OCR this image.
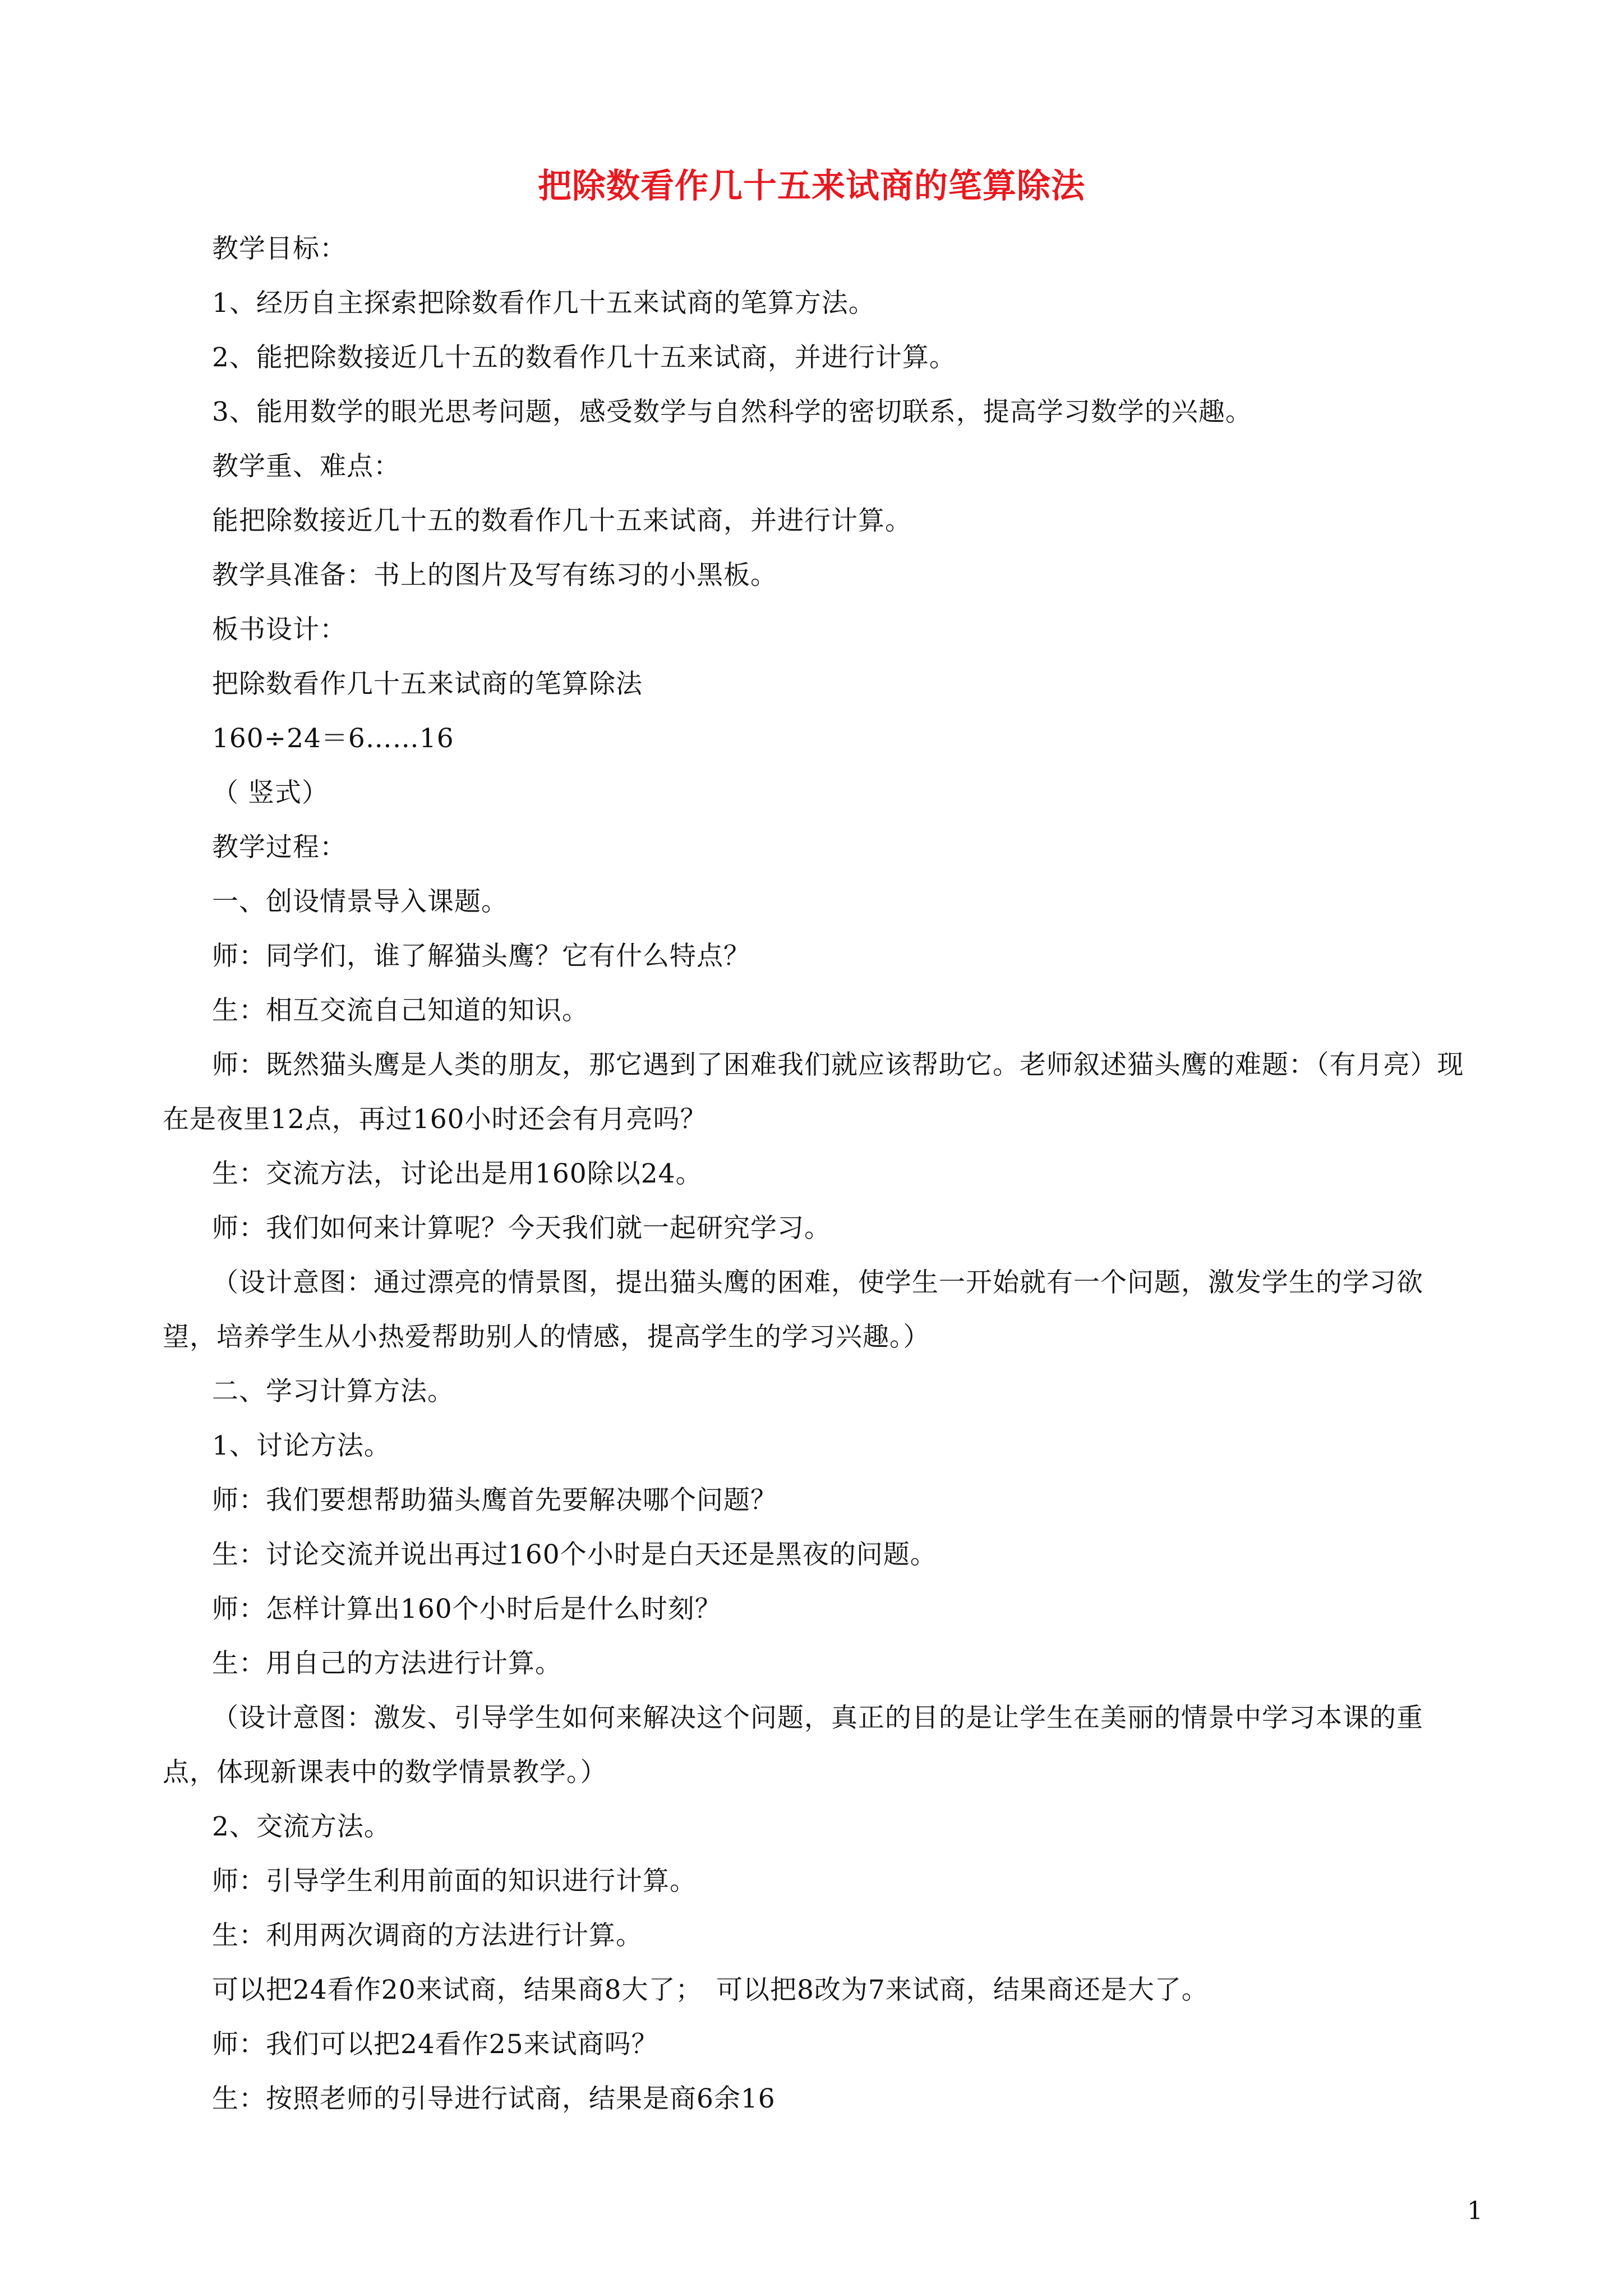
把除数看作几十五来试商的笔算除法

教学目标：

1、经历自主探索把除数看作几十五来试商的笔算方法。

2、能把除数接近几十五的数看作几十五来试商，并进行计算。

3、能用数学的眼光思考问题，感受数学与自然科学的密切联系，提高学习数学的兴趣。

教学重、难点：

能把除数接近几十五的数看作几十五来试商，并进行计算。

教学具准备：书上的图片及写有练习的小黑板。

板书设计：

把除数看作几十五来试商的笔算除法

160÷24＝6……16

（ 竖式）

教学过程：

一、创设情景导入课题。

师：同学们，谁了解猫头鹰？它有什么特点？

生：相互交流自己知道的知识。

师：既然猫头鹰是人类的朋友，那它遇到了困难我们就应该帮助它。老师叙述猫头鹰的难题：（有月亮）现在是夜里12点，再过160小时还会有月亮吗？

生：交流方法，讨论出是用160除以24。

师：我们如何来计算呢？今天我们就一起研究学习。

（设计意图：通过漂亮的情景图，提出猫头鹰的困难，使学生一开始就有一个问题，激发学生的学习欲望，培养学生从小热爱帮助别人的情感，提高学生的学习兴趣。）

二、学习计算方法。

1、讨论方法。

师：我们要想帮助猫头鹰首先要解决哪个问题？

生：讨论交流并说出再过160个小时是白天还是黑夜的问题。

师：怎样计算出160个小时后是什么时刻？

生：用自己的方法进行计算。

（设计意图：激发、引导学生如何来解决这个问题，真正的目的是让学生在美丽的情景中学习本课的重点，体现新课表中的数学情景教学。）

2、交流方法。

师：引导学生利用前面的知识进行计算。

生：利用两次调商的方法进行计算。

可以把24看作20来试商，结果商8大了；　可以把8改为7来试商，结果商还是大了。

师：我们可以把24看作25来试商吗？

生：按照老师的引导进行试商，结果是商6余16

1
